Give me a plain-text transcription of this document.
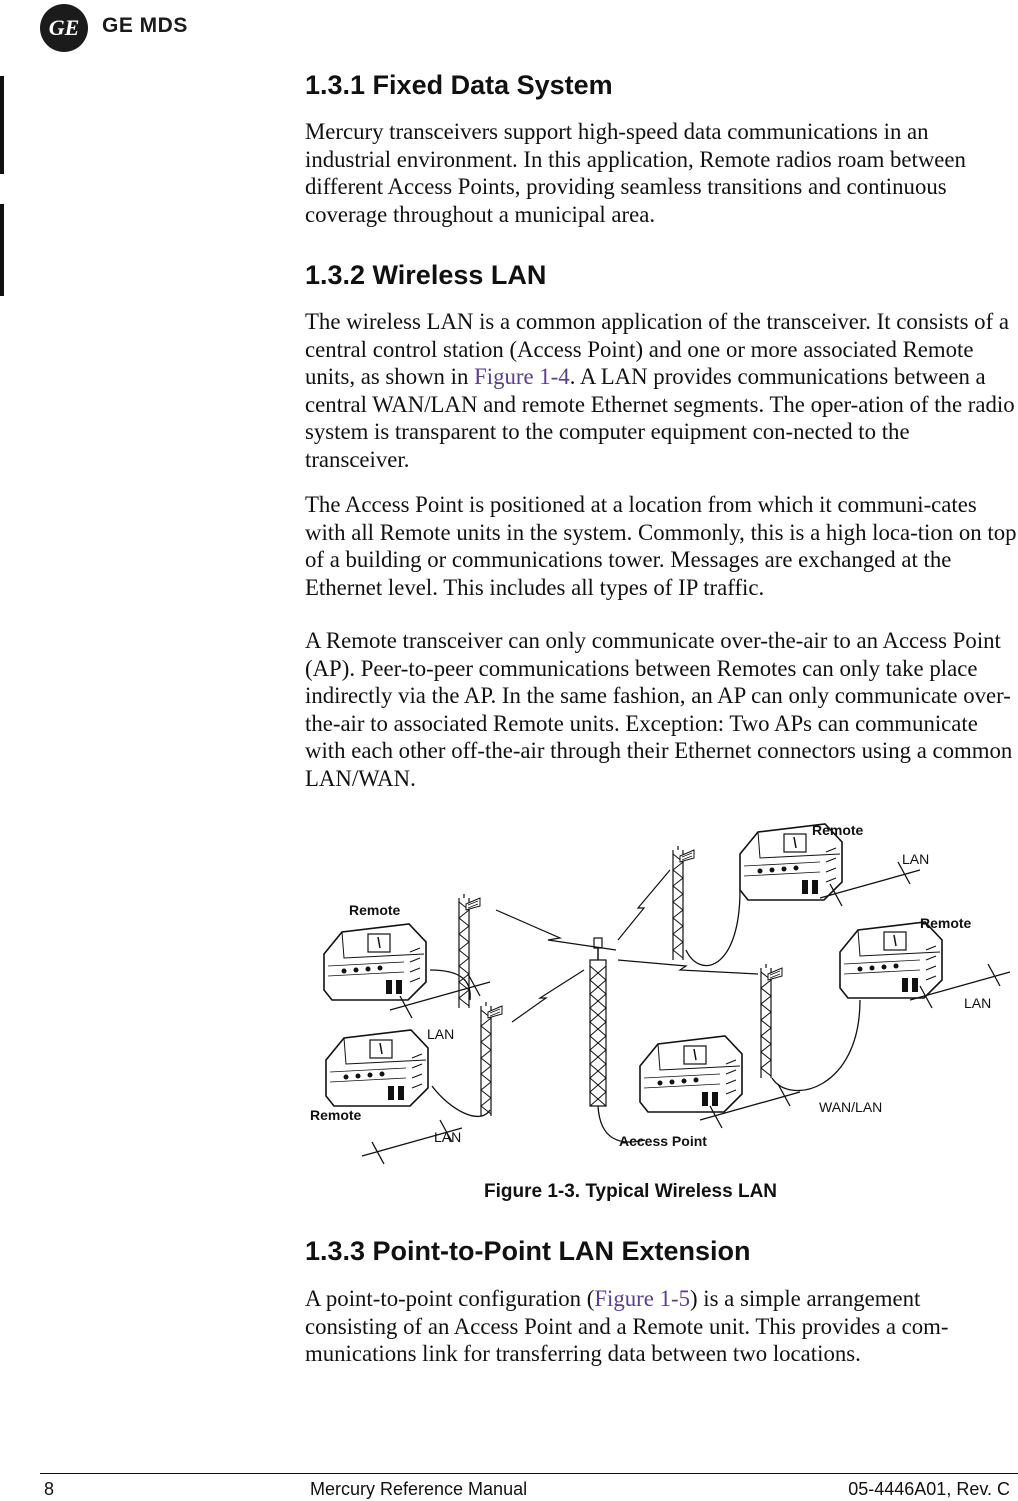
GE	GE MDS
1.3.1 Fixed Data System

Mercury transceivers support high-speed data communications in an industrial environment. In this application, Remote radios roam between different Access Points, providing seamless transitions and continuous coverage throughout a municipal area.

1.3.2 Wireless LAN

The wireless LAN is a common application of the transceiver. It consists of a central control station (Access Point) and one or more associated Remote units, as shown in Figure 1-4. A LAN provides communications between a central WAN/LAN and remote Ethernet segments. The oper-ation of the radio system is transparent to the computer equipment con-nected to the transceiver.

The Access Point is positioned at a location from which it communi-cates with all Remote units in the system. Commonly, this is a high loca-tion on top of a building or communications tower. Messages are exchanged at the Ethernet level. This includes all types of IP traffic.

A Remote transceiver can only communicate over-the-air to an Access Point (AP). Peer-to-peer communications between Remotes can only take place indirectly via the AP. In the same fashion, an AP can only communicate over-the-air to associated Remote units. Exception: Two APs can communicate with each other off-the-air through their Ethernet connectors using a common LAN/WAN.

1.3.3 Point-to-Point LAN Extension

A point-to-point configuration (Figure 1-5) is a simple arrangement consisting of an Access Point and a Remote unit. This provides a com-munications link for transferring data between two locations.

Remote
LAN
Remote
Remote
LAN
LAN
WAN/LAN
Remote
LAN	Access Point
Figure 1-3. Typical Wireless LAN
8	Mercury Reference Manual	05-4446A01, Rev. C
